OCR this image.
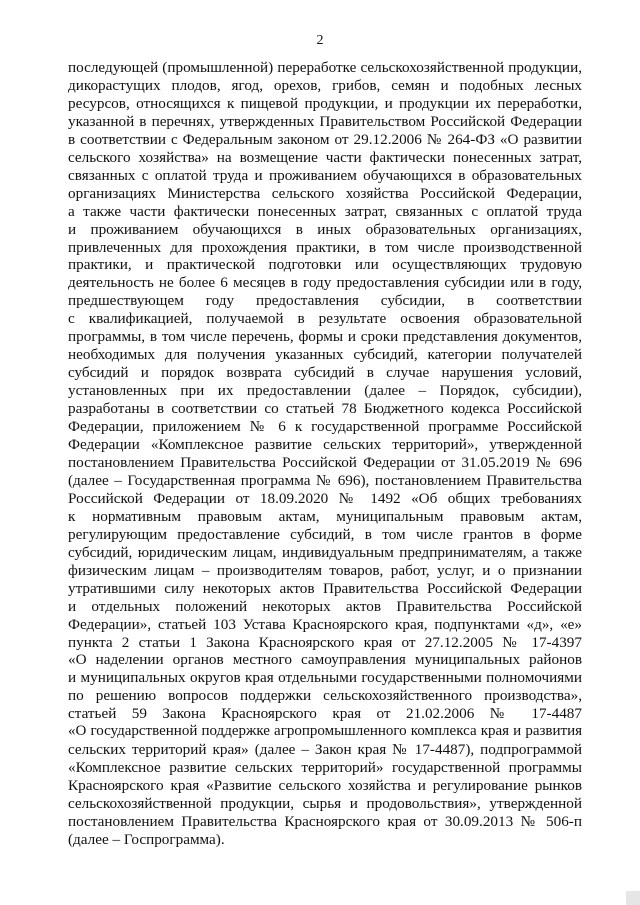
2
последующей (промышленной) переработке сельскохозяйственной продукции,
дикорастущих плодов, ягод, орехов, грибов, семян и подобных лесных
ресурсов, относящихся к пищевой продукции, и продукции их переработки,
указанной в перечнях, утвержденных Правительством Российской Федерации
в соответствии с Федеральным законом от 29.12.2006 № 264-ФЗ «О развитии
сельского хозяйства» на возмещение части фактически понесенных затрат,
связанных с оплатой труда и проживанием обучающихся в образовательных
организациях Министерства сельского хозяйства Российской Федерации,
а также части фактически понесенных затрат, связанных с оплатой труда
и проживанием обучающихся в иных образовательных организациях,
привлеченных для прохождения практики, в том числе производственной
практики, и практической подготовки или осуществляющих трудовую
деятельность не более 6 месяцев в году предоставления субсидии или в году,
предшествующем году предоставления субсидии, в соответствии
с квалификацией, получаемой в результате освоения образовательной
программы, в том числе перечень, формы и сроки представления документов,
необходимых для получения указанных субсидий, категории получателей
субсидий и порядок возврата субсидий в случае нарушения условий,
установленных при их предоставлении (далее – Порядок, субсидии),
разработаны в соответствии со статьей 78 Бюджетного кодекса Российской
Федерации, приложением № 6 к государственной программе Российской
Федерации «Комплексное развитие сельских территорий», утвержденной
постановлением Правительства Российской Федерации от 31.05.2019 № 696
(далее – Государственная программа № 696), постановлением Правительства
Российской Федерации от 18.09.2020 № 1492 «Об общих требованиях
к нормативным правовым актам, муниципальным правовым актам,
регулирующим предоставление субсидий, в том числе грантов в форме
субсидий, юридическим лицам, индивидуальным предпринимателям, а также
физическим лицам – производителям товаров, работ, услуг, и о признании
утратившими силу некоторых актов Правительства Российской Федерации
и отдельных положений некоторых актов Правительства Российской
Федерации», статьей 103 Устава Красноярского края, подпунктами «д», «е»
пункта 2 статьи 1 Закона Красноярского края от 27.12.2005 № 17-4397
«О наделении органов местного самоуправления муниципальных районов
и муниципальных округов края отдельными государственными полномочиями
по решению вопросов поддержки сельскохозяйственного производства»,
статьей 59 Закона Красноярского края от 21.02.2006 № 17-4487
«О государственной поддержке агропромышленного комплекса края и развития
сельских территорий края» (далее – Закон края № 17-4487), подпрограммой
«Комплексное развитие сельских территорий» государственной программы
Красноярского края «Развитие сельского хозяйства и регулирование рынков
сельскохозяйственной продукции, сырья и продовольствия», утвержденной
постановлением Правительства Красноярского края от 30.09.2013 № 506-п
(далее – Госпрограмма).
